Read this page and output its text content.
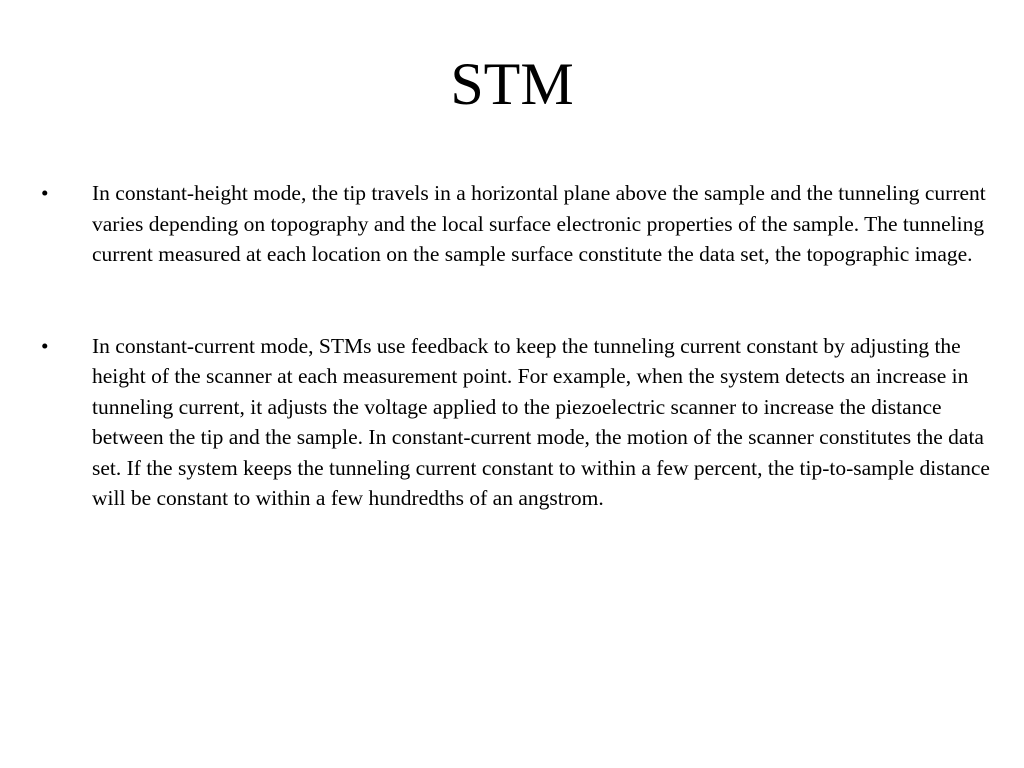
STM
• In constant-height mode, the tip travels in a horizontal plane above the sample and the tunneling current varies depending on topography and the local surface electronic properties of the sample. The tunneling current measured at each location on the sample surface constitute the data set, the topographic image.
• In constant-current mode, STMs use feedback to keep the tunneling current constant by adjusting the height of the scanner at each measurement point. For example, when the system detects an increase in tunneling current, it adjusts the voltage applied to the piezoelectric scanner to increase the distance between the tip and the sample. In constant-current mode, the motion of the scanner constitutes the data set. If the system keeps the tunneling current constant to within a few percent, the tip-to-sample distance will be constant to within a few hundredths of an angstrom.
